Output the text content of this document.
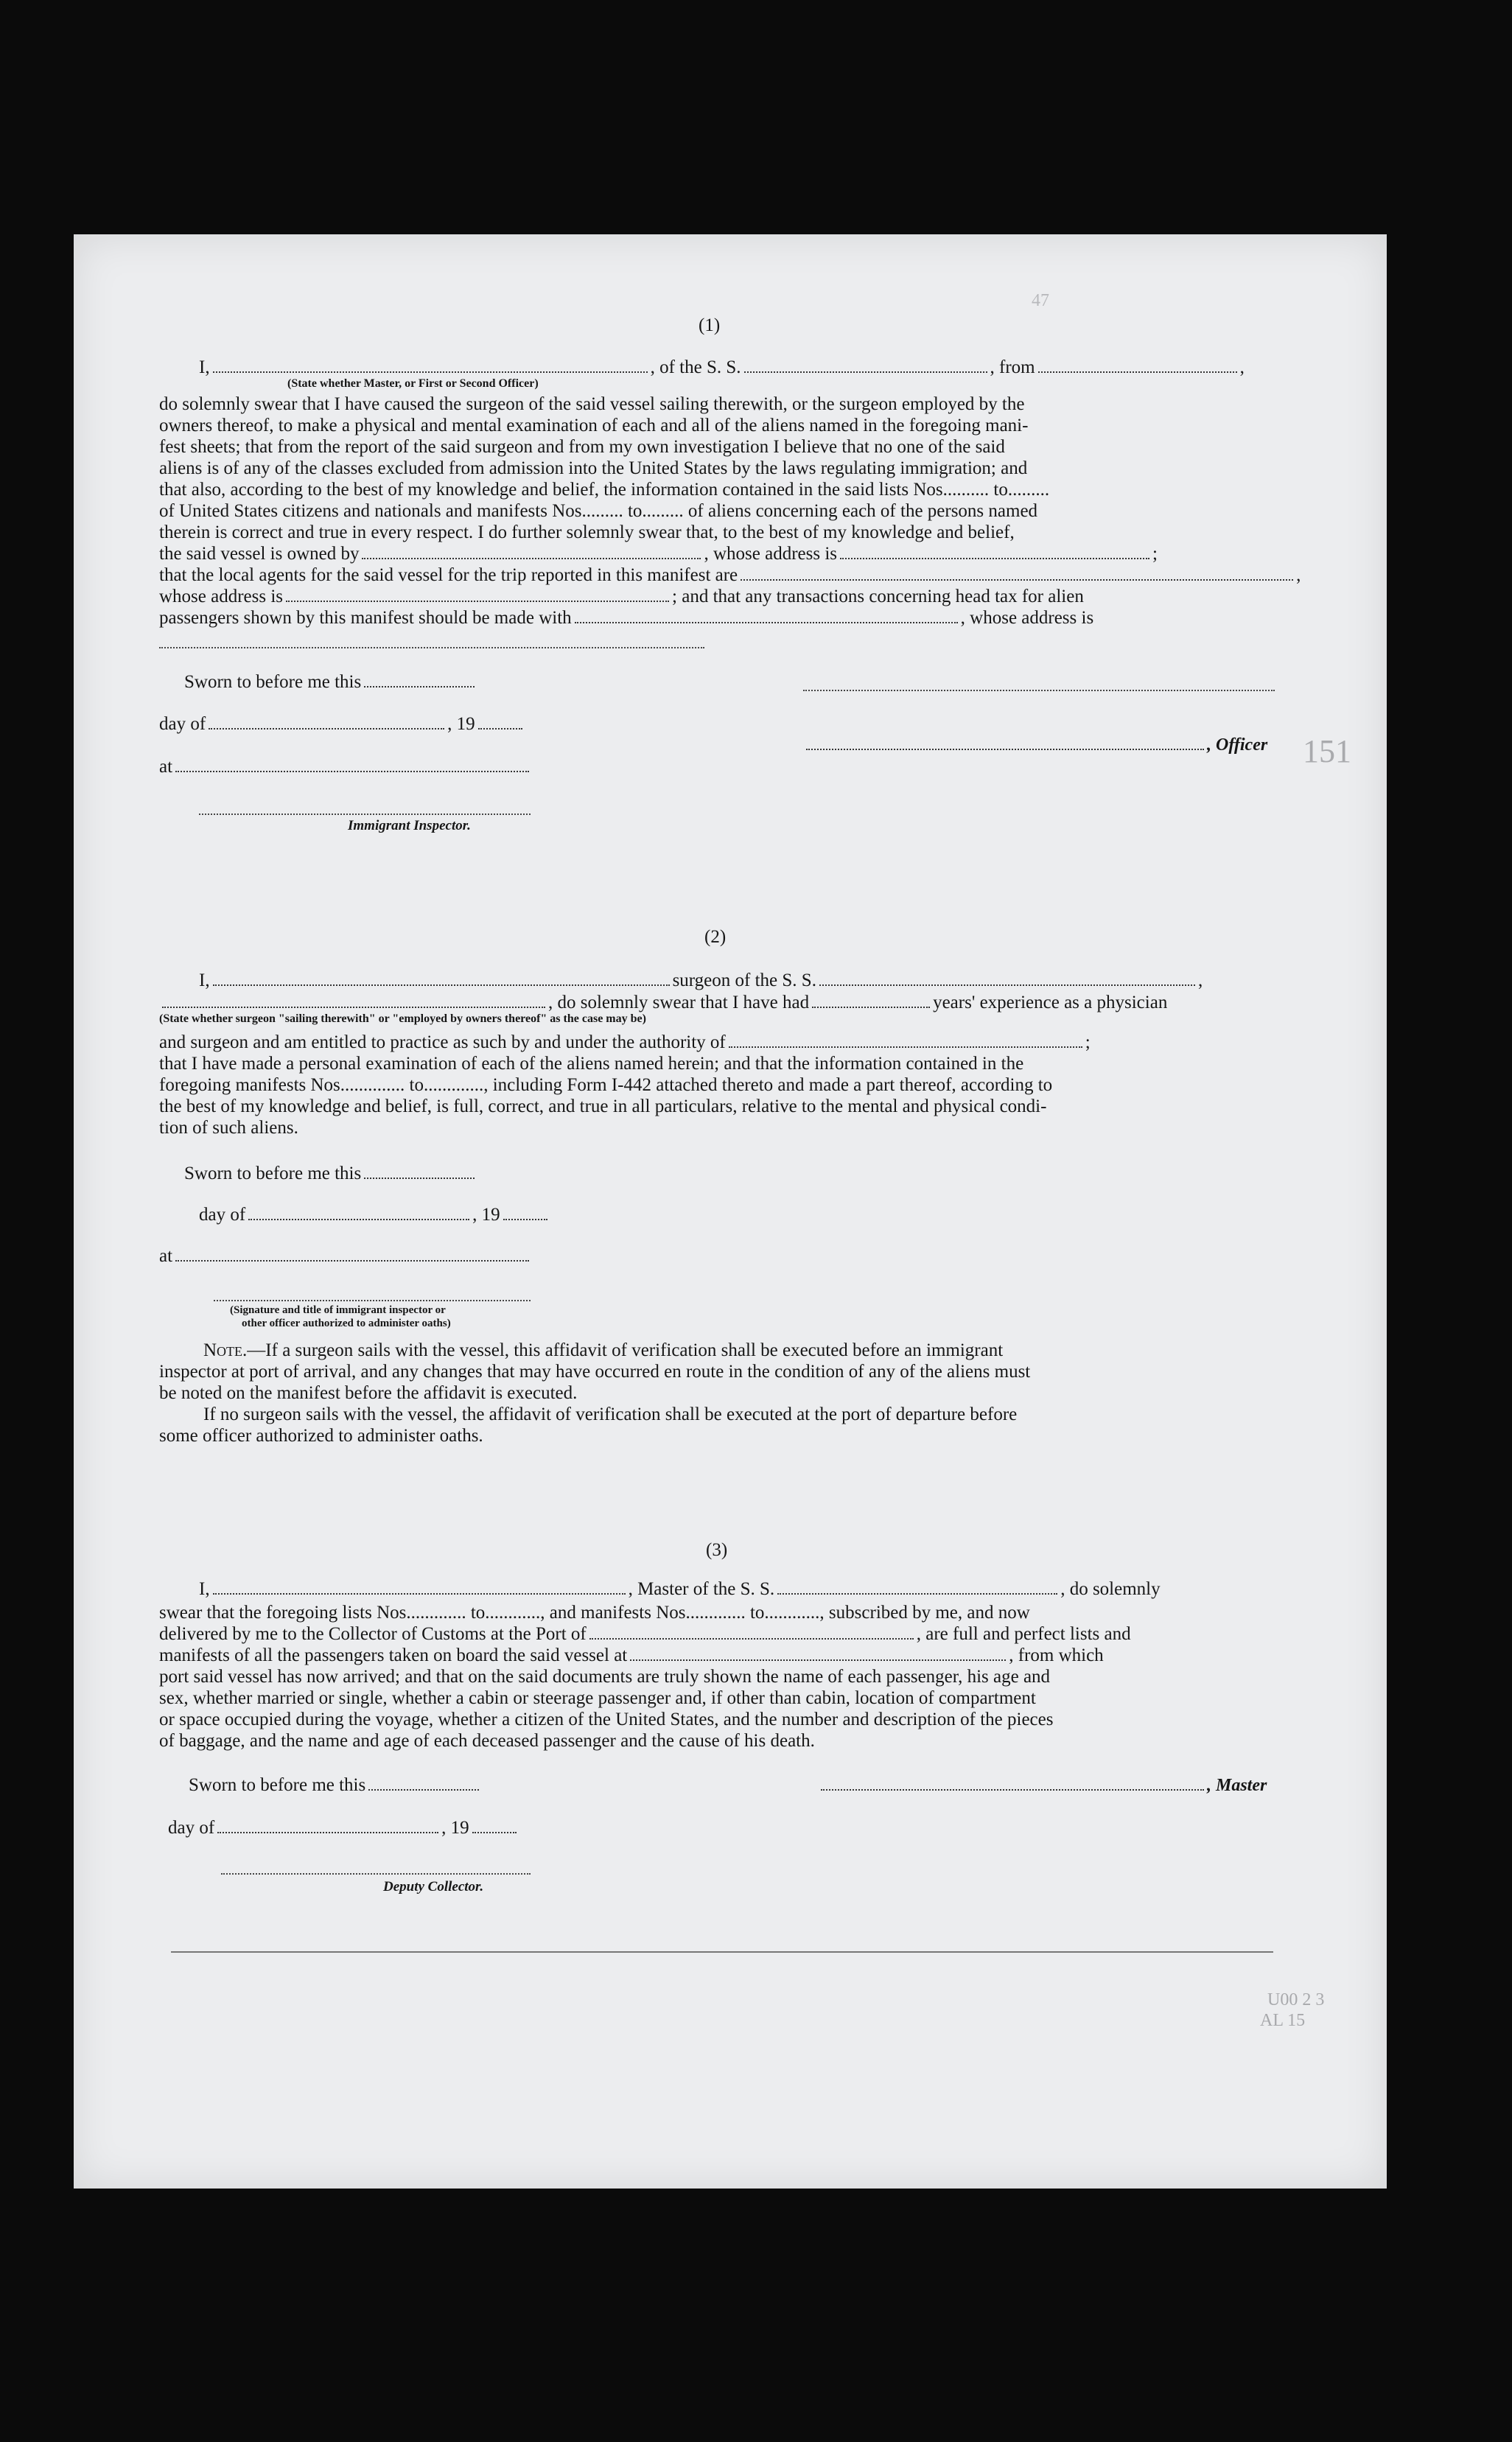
47
151
(1)
I,	, of the S. S.	, from	,
(State whether Master, or First or Second Officer)
do solemnly swear that I have caused the surgeon of the said vessel sailing therewith, or the surgeon employed by the
owners thereof, to make a physical and mental examination of each and all of the aliens named in the foregoing mani-
fest sheets; that from the report of the said surgeon and from my own investigation I believe that no one of the said
aliens is of any of the classes excluded from admission into the United States by the laws regulating immigration; and
that also, according to the best of my knowledge and belief, the information contained in the said lists Nos.......... to.........
of United States citizens and nationals and manifests Nos......... to......... of aliens concerning each of the persons named
therein is correct and true in every respect. I do further solemnly swear that, to the best of my knowledge and belief,
the said vessel is owned by	, whose address is	;
that the local agents for the said vessel for the trip reported in this manifest are	,
whose address is	; and that any transactions concerning head tax for alien
passengers shown by this manifest should be made with	, whose address is
Sworn to before me this
day of	, 19
, Officer
at
Immigrant Inspector.
(2)
I,	surgeon of the S. S.	,
, do solemnly swear that I have had	years' experience as a physician
(State whether surgeon "sailing therewith" or "employed by owners thereof" as the case may be)
and surgeon and am entitled to practice as such by and under the authority of	;
that I have made a personal examination of each of the aliens named herein; and that the information contained in the
foregoing manifests Nos.............. to............., including Form I-442 attached thereto and made a part thereof, according to
the best of my knowledge and belief, is full, correct, and true in all particulars, relative to the mental and physical condi-
tion of such aliens.
Sworn to before me this
day of	, 19
at
(Signature and title of immigrant inspector or
other officer authorized to administer oaths)
Note.—If a surgeon sails with the vessel, this affidavit of verification shall be executed before an immigrant
inspector at port of arrival, and any changes that may have occurred en route in the condition of any of the aliens must
be noted on the manifest before the affidavit is executed.
If no surgeon sails with the vessel, the affidavit of verification shall be executed at the port of departure before
some officer authorized to administer oaths.
(3)
I,	, Master of the S. S.	, do solemnly
swear that the foregoing lists Nos............. to............, and manifests Nos............. to............, subscribed by me, and now
delivered by me to the Collector of Customs at the Port of	, are full and perfect lists and
manifests of all the passengers taken on board the said vessel at	, from which
port said vessel has now arrived; and that on the said documents are truly shown the name of each passenger, his age and
sex, whether married or single, whether a cabin or steerage passenger and, if other than cabin, location of compartment
or space occupied during the voyage, whether a citizen of the United States, and the number and description of the pieces
of baggage, and the name and age of each deceased passenger and the cause of his death.
Sworn to before me this	, Master
day of	, 19
Deputy Collector.
U00 2 3
AL 15
